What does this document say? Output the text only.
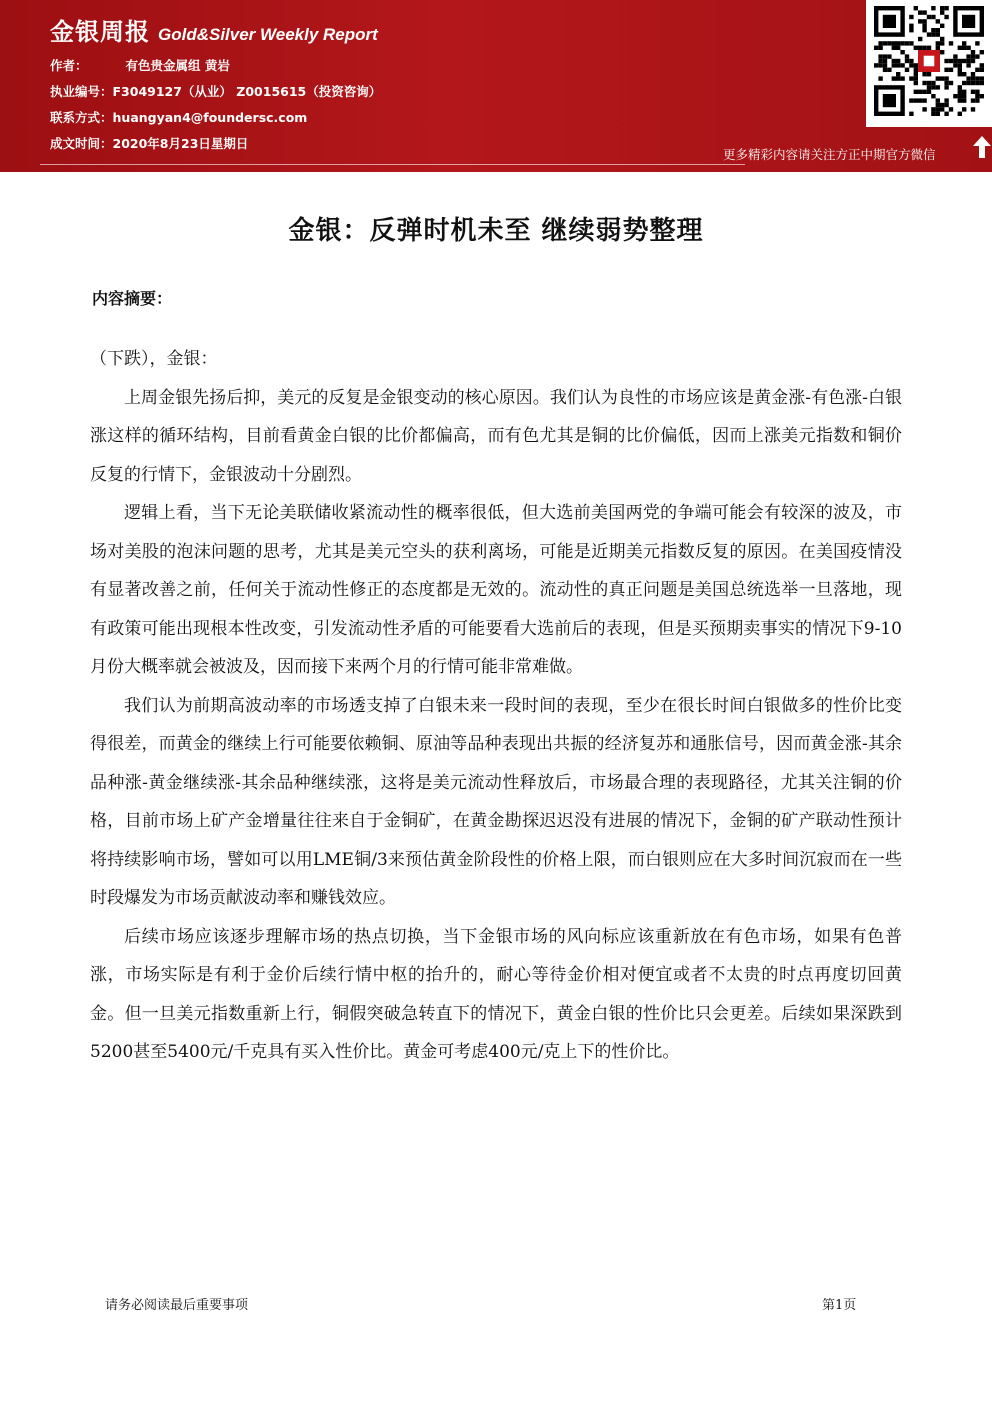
金银周报 Gold&Silver Weekly Report
作者：	有色贵金属组 黄岩
执业编号：F3049127（从业） Z0015615（投资咨询）
联系方式：huangyan4@foundersc.com
成文时间：2020年8月23日星期日
更多精彩内容请关注方正中期官方微信
金银：反弹时机未至 继续弱势整理
内容摘要：

（下跌），金银：

上周金银先扬后抑，美元的反复是金银变动的核心原因。我们认为良性的市场应该是黄金涨-有色涨-白银涨这样的循环结构，目前看黄金白银的比价都偏高，而有色尤其是铜的比价偏低，因而上涨美元指数和铜价反复的行情下，金银波动十分剧烈。

逻辑上看，当下无论美联储收紧流动性的概率很低，但大选前美国两党的争端可能会有较深的波及，市场对美股的泡沫问题的思考，尤其是美元空头的获利离场，可能是近期美元指数反复的原因。在美国疫情没有显著改善之前，任何关于流动性修正的态度都是无效的。流动性的真正问题是美国总统选举一旦落地，现有政策可能出现根本性改变，引发流动性矛盾的可能要看大选前后的表现，但是买预期卖事实的情况下9-10月份大概率就会被波及，因而接下来两个月的行情可能非常难做。

我们认为前期高波动率的市场透支掉了白银未来一段时间的表现，至少在很长时间白银做多的性价比变得很差，而黄金的继续上行可能要依赖铜、原油等品种表现出共振的经济复苏和通胀信号，因而黄金涨-其余品种涨-黄金继续涨-其余品种继续涨，这将是美元流动性释放后，市场最合理的表现路径，尤其关注铜的价格，目前市场上矿产金增量往往来自于金铜矿，在黄金勘探迟迟没有进展的情况下，金铜的矿产联动性预计将持续影响市场，譬如可以用LME铜/3来预估黄金阶段性的价格上限，而白银则应在大多时间沉寂而在一些时段爆发为市场贡献波动率和赚钱效应。

后续市场应该逐步理解市场的热点切换，当下金银市场的风向标应该重新放在有色市场，如果有色普涨，市场实际是有利于金价后续行情中枢的抬升的，耐心等待金价相对便宜或者不太贵的时点再度切回黄金。但一旦美元指数重新上行，铜假突破急转直下的情况下，黄金白银的性价比只会更差。后续如果深跌到5200甚至5400元/千克具有买入性价比。黄金可考虑400元/克上下的性价比。

请务必阅读最后重要事项	第1页
